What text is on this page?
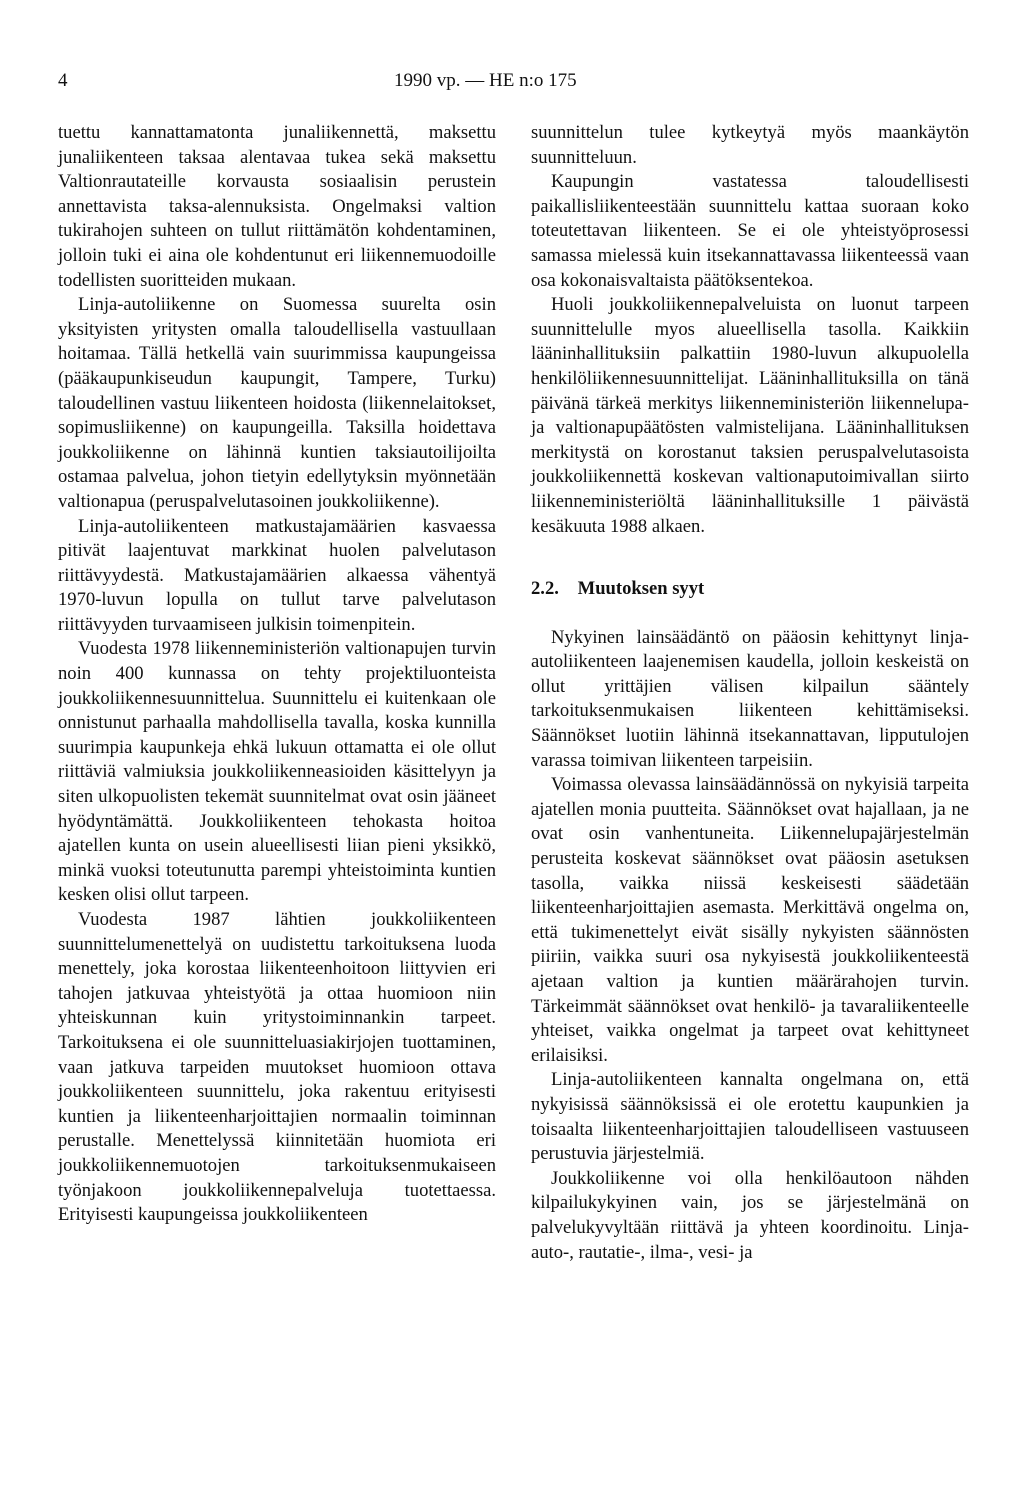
4	1990 vp. — HE n:o 175

tuettu kannattamatonta junaliikennettä, maksettu junaliikenteen taksaa alentavaa tukea sekä maksettu Valtionrautateille korvausta sosiaalisin perustein annettavista taksa-alennuksista. Ongelmaksi valtion tukirahojen suhteen on tullut riittämätön kohdentaminen, jolloin tuki ei aina ole kohdentunut eri liikennemuodoille todellisten suoritteiden mukaan.

Linja-autoliikenne on Suomessa suurelta osin yksityisten yritysten omalla taloudellisella vastuullaan hoitamaa. Tällä hetkellä vain suurimmissa kaupungeissa (pääkaupunkiseudun kaupungit, Tampere, Turku) taloudellinen vastuu liikenteen hoidosta (liikennelaitokset, sopimusliikenne) on kaupungeilla. Taksilla hoidettava joukkoliikenne on lähinnä kuntien taksiautoilijoilta ostamaa palvelua, johon tietyin edellytyksin myönnetään valtionapua (peruspalvelutasoinen joukkoliikenne).

Linja-autoliikenteen matkustajamäärien kasvaessa pitivät laajentuvat markkinat huolen palvelutason riittävyydestä. Matkustajamäärien alkaessa vähentyä 1970-luvun lopulla on tullut tarve palvelutason riittävyyden turvaamiseen julkisin toimenpitein.

Vuodesta 1978 liikenneministeriön valtionapujen turvin noin 400 kunnassa on tehty projektiluonteista joukkoliikennesuunnittelua. Suunnittelu ei kuitenkaan ole onnistunut parhaalla mahdollisella tavalla, koska kunnilla suurimpia kaupunkeja ehkä lukuun ottamatta ei ole ollut riittäviä valmiuksia joukkoliikenneasioiden käsittelyyn ja siten ulkopuolisten tekemät suunnitelmat ovat osin jääneet hyödyntämättä. Joukkoliikenteen tehokasta hoitoa ajatellen kunta on usein alueellisesti liian pieni yksikkö, minkä vuoksi toteutunutta parempi yhteistoiminta kuntien kesken olisi ollut tarpeen.

Vuodesta 1987 lähtien joukkoliikenteen suunnittelumenettelyä on uudistettu tarkoituksena luoda menettely, joka korostaa liikenteenhoitoon liittyvien eri tahojen jatkuvaa yhteistyötä ja ottaa huomioon niin yhteiskunnan kuin yritystoiminnankin tarpeet. Tarkoituksena ei ole suunnitteluasiakirjojen tuottaminen, vaan jatkuva tarpeiden muutokset huomioon ottava joukkoliikenteen suunnittelu, joka rakentuu erityisesti kuntien ja liikenteenharjoittajien normaalin toiminnan perustalle. Menettelyssä kiinnitetään huomiota eri joukkoliikennemuotojen tarkoituksenmukaiseen työnjakoon joukkoliikennepalveluja tuotettaessa. Erityisesti kaupungeissa joukkoliikenteen

suunnittelun tulee kytkeytyä myös maankäytön suunnitteluun.

Kaupungin vastatessa taloudellisesti paikallisliikenteestään suunnittelu kattaa suoraan koko toteutettavan liikenteen. Se ei ole yhteistyöprosessi samassa mielessä kuin itsekannattavassa liikenteessä vaan osa kokonaisvaltaista päätöksentekoa.

Huoli joukkoliikennepalveluista on luonut tarpeen suunnittelulle myos alueellisella tasolla. Kaikkiin lääninhallituksiin palkattiin 1980-luvun alkupuolella henkilöliikennesuunnittelijat. Lääninhallituksilla on tänä päivänä tärkeä merkitys liikenneministeriön liikennelupa- ja valtionapupäätösten valmistelijana. Lääninhallituksen merkitystä on korostanut taksien peruspalvelutasoista joukkoliikennettä koskevan valtionaputoimivallan siirto liikenneministeriöltä lääninhallituksille 1 päivästä kesäkuuta 1988 alkaen.

2.2. Muutoksen syyt

Nykyinen lainsäädäntö on pääosin kehittynyt linja-autoliikenteen laajenemisen kaudella, jolloin keskeistä on ollut yrittäjien välisen kilpailun sääntely tarkoituksenmukaisen liikenteen kehittämiseksi. Säännökset luotiin lähinnä itsekannattavan, lipputulojen varassa toimivan liikenteen tarpeisiin.

Voimassa olevassa lainsäädännössä on nykyisiä tarpeita ajatellen monia puutteita. Säännökset ovat hajallaan, ja ne ovat osin vanhentuneita. Liikennelupajärjestelmän perusteita koskevat säännökset ovat pääosin asetuksen tasolla, vaikka niissä keskeisesti säädetään liikenteenharjoittajien asemasta. Merkittävä ongelma on, että tukimenettelyt eivät sisälly nykyisten säännösten piiriin, vaikka suuri osa nykyisestä joukkoliikenteestä ajetaan valtion ja kuntien määrärahojen turvin. Tärkeimmät säännökset ovat henkilö- ja tavaraliikenteelle yhteiset, vaikka ongelmat ja tarpeet ovat kehittyneet erilaisiksi.

Linja-autoliikenteen kannalta ongelmana on, että nykyisissä säännöksissä ei ole erotettu kaupunkien ja toisaalta liikenteenharjoittajien taloudelliseen vastuuseen perustuvia järjestelmiä.

Joukkoliikenne voi olla henkilöautoon nähden kilpailukykyinen vain, jos se järjestelmänä on palvelukyvyltään riittävä ja yhteen koordinoitu. Linja-auto-, rautatie-, ilma-, vesi- ja
